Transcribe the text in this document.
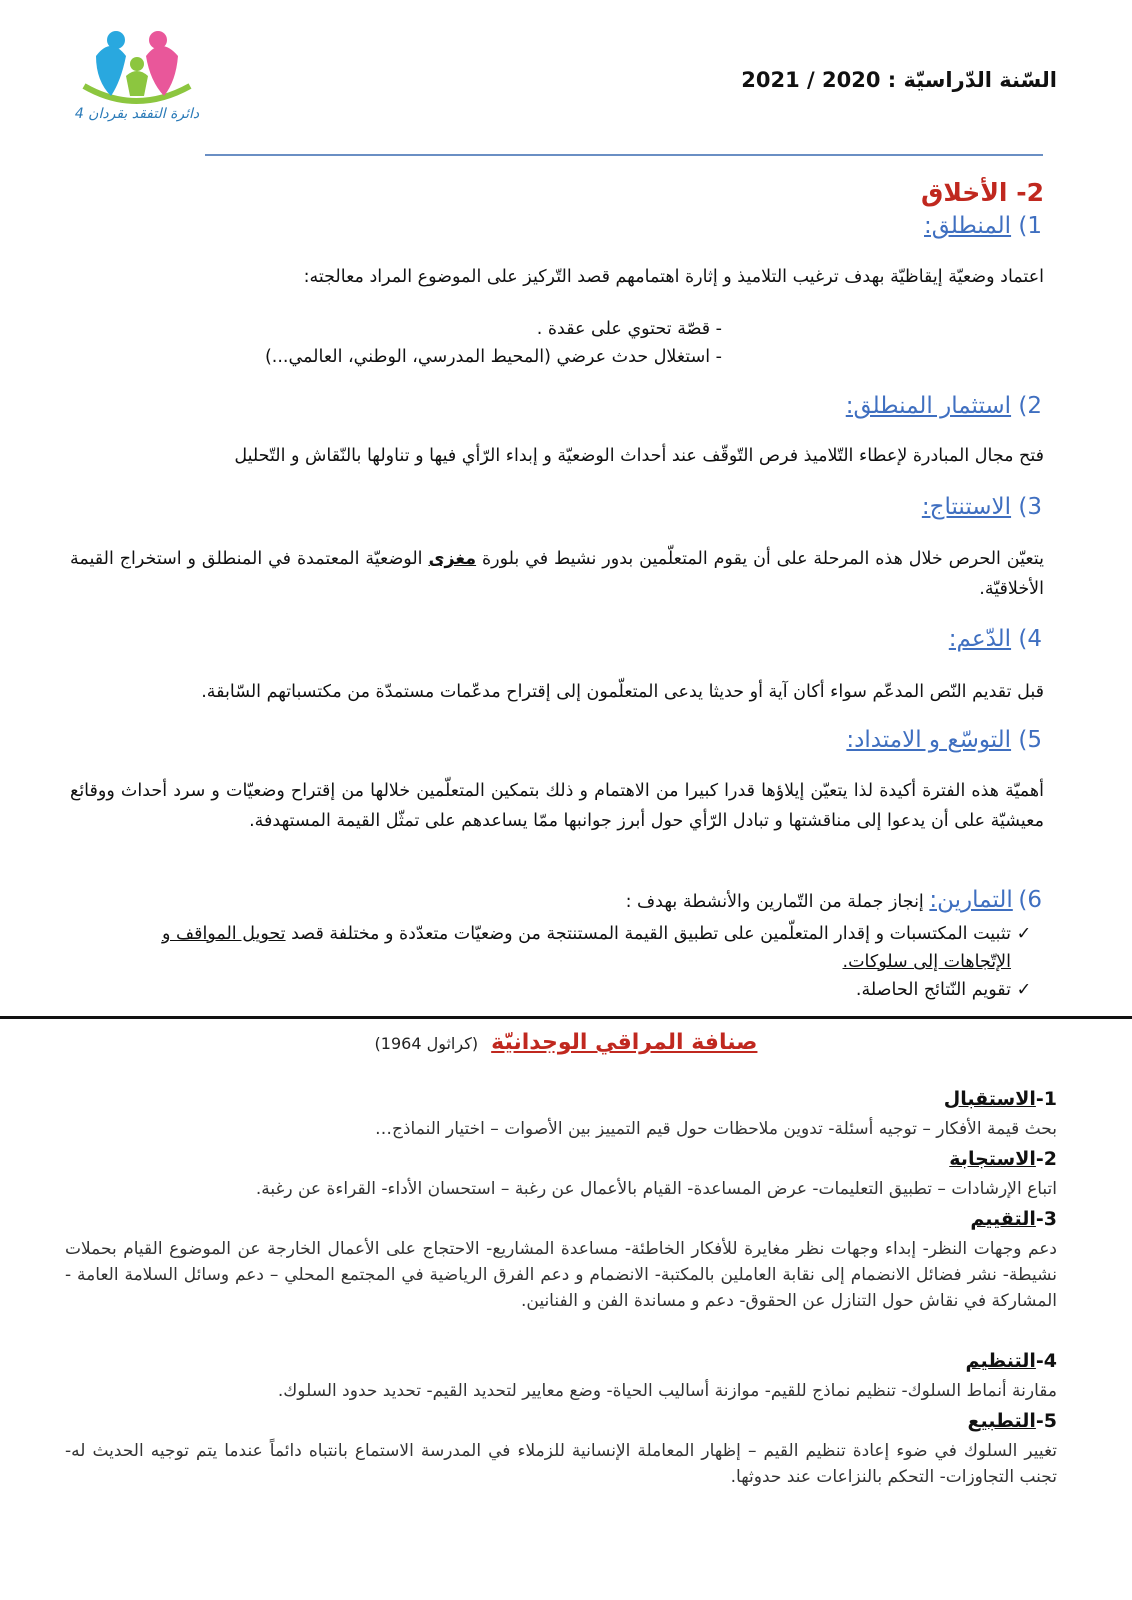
السّنة الدّراسيّة : 2020 / 2021
دائرة التفقد بقردان 4
2- الأخلاق
1) المنطلق:
اعتماد وضعيّة إيقاظيّة بهدف ترغيب التلاميذ و إثارة اهتمامهم قصد التّركيز على الموضوع المراد معالجته:
- قصّة تحتوي على عقدة .
- استغلال حدث عرضي (المحيط المدرسي، الوطني، العالمي...)
2) استثمار المنطلق:
فتح مجال المبادرة لإعطاء التّلاميذ فرص التّوقّف عند أحداث الوضعيّة و إبداء الرّأي فيها و تناولها بالنّقاش و التّحليل
3) الاستنتاج:
يتعيّن الحرص خلال هذه المرحلة على أن يقوم المتعلّمين بدور نشيط في بلورة مغزى الوضعيّة المعتمدة في المنطلق و استخراج القيمة الأخلاقيّة.
4) الدّعم:
قبل تقديم النّص المدعّم سواء أكان آية أو حديثا يدعى المتعلّمون إلى إقتراح مدعّمات مستمدّة من مكتسباتهم السّابقة.
5) التوسّع و الامتداد:
أهميّة هذه الفترة أكيدة لذا يتعيّن إيلاؤها قدرا كبيرا من الاهتمام و ذلك بتمكين المتعلّمين خلالها من إقتراح وضعيّات و سرد أحداث ووقائع معيشيّة على أن يدعوا إلى مناقشتها و تبادل الرّأي حول أبرز جوانبها ممّا يساعدهم على تمثّل القيمة المستهدفة.
6) التمارين: إنجاز جملة من التّمارين والأنشطة بهدف :
✓
تثبيت المكتسبات و إقدار المتعلّمين على تطبيق القيمة المستنتجة من وضعيّات متعدّدة و مختلفة قصد تحويل المواقف و الإتّجاهات إلى سلوكات.
✓
تقويم النّتائج الحاصلة.
صنافة المراقي الوجدانيّة (كراثول 1964)
1-الاستقبال
بحث قيمة الأفكار – توجيه أسئلة- تدوين ملاحظات حول قيم التمييز بين الأصوات – اختيار النماذج…
2-الاستجابة
اتباع الإرشادات – تطبيق التعليمات- عرض المساعدة- القيام بالأعمال عن رغبة – استحسان الأداء- القراءة عن رغبة.
3-التقييم
دعم وجهات النظر- إبداء وجهات نظر مغايرة للأفكار الخاطئة- مساعدة المشاريع- الاحتجاج على الأعمال الخارجة عن الموضوع القيام بحملات نشيطة- نشر فضائل الانضمام إلى نقابة العاملين بالمكتبة- الانضمام و دعم الفرق الرياضية في المجتمع المحلي – دعم وسائل السلامة العامة - المشاركة في نقاش حول التنازل عن الحقوق- دعم و مساندة الفن و الفنانين.
4-التنظيم
مقارنة أنماط السلوك- تنظيم نماذج للقيم- موازنة أساليب الحياة- وضع معايير لتحديد القيم- تحديد حدود السلوك.
5-التطبيع
تغيير السلوك في ضوء إعادة تنظيم القيم – إظهار المعاملة الإنسانية للزملاء في المدرسة الاستماع بانتباه دائماً عندما يتم توجيه الحديث له- تجنب التجاوزات- التحكم بالنزاعات عند حدوثها.
